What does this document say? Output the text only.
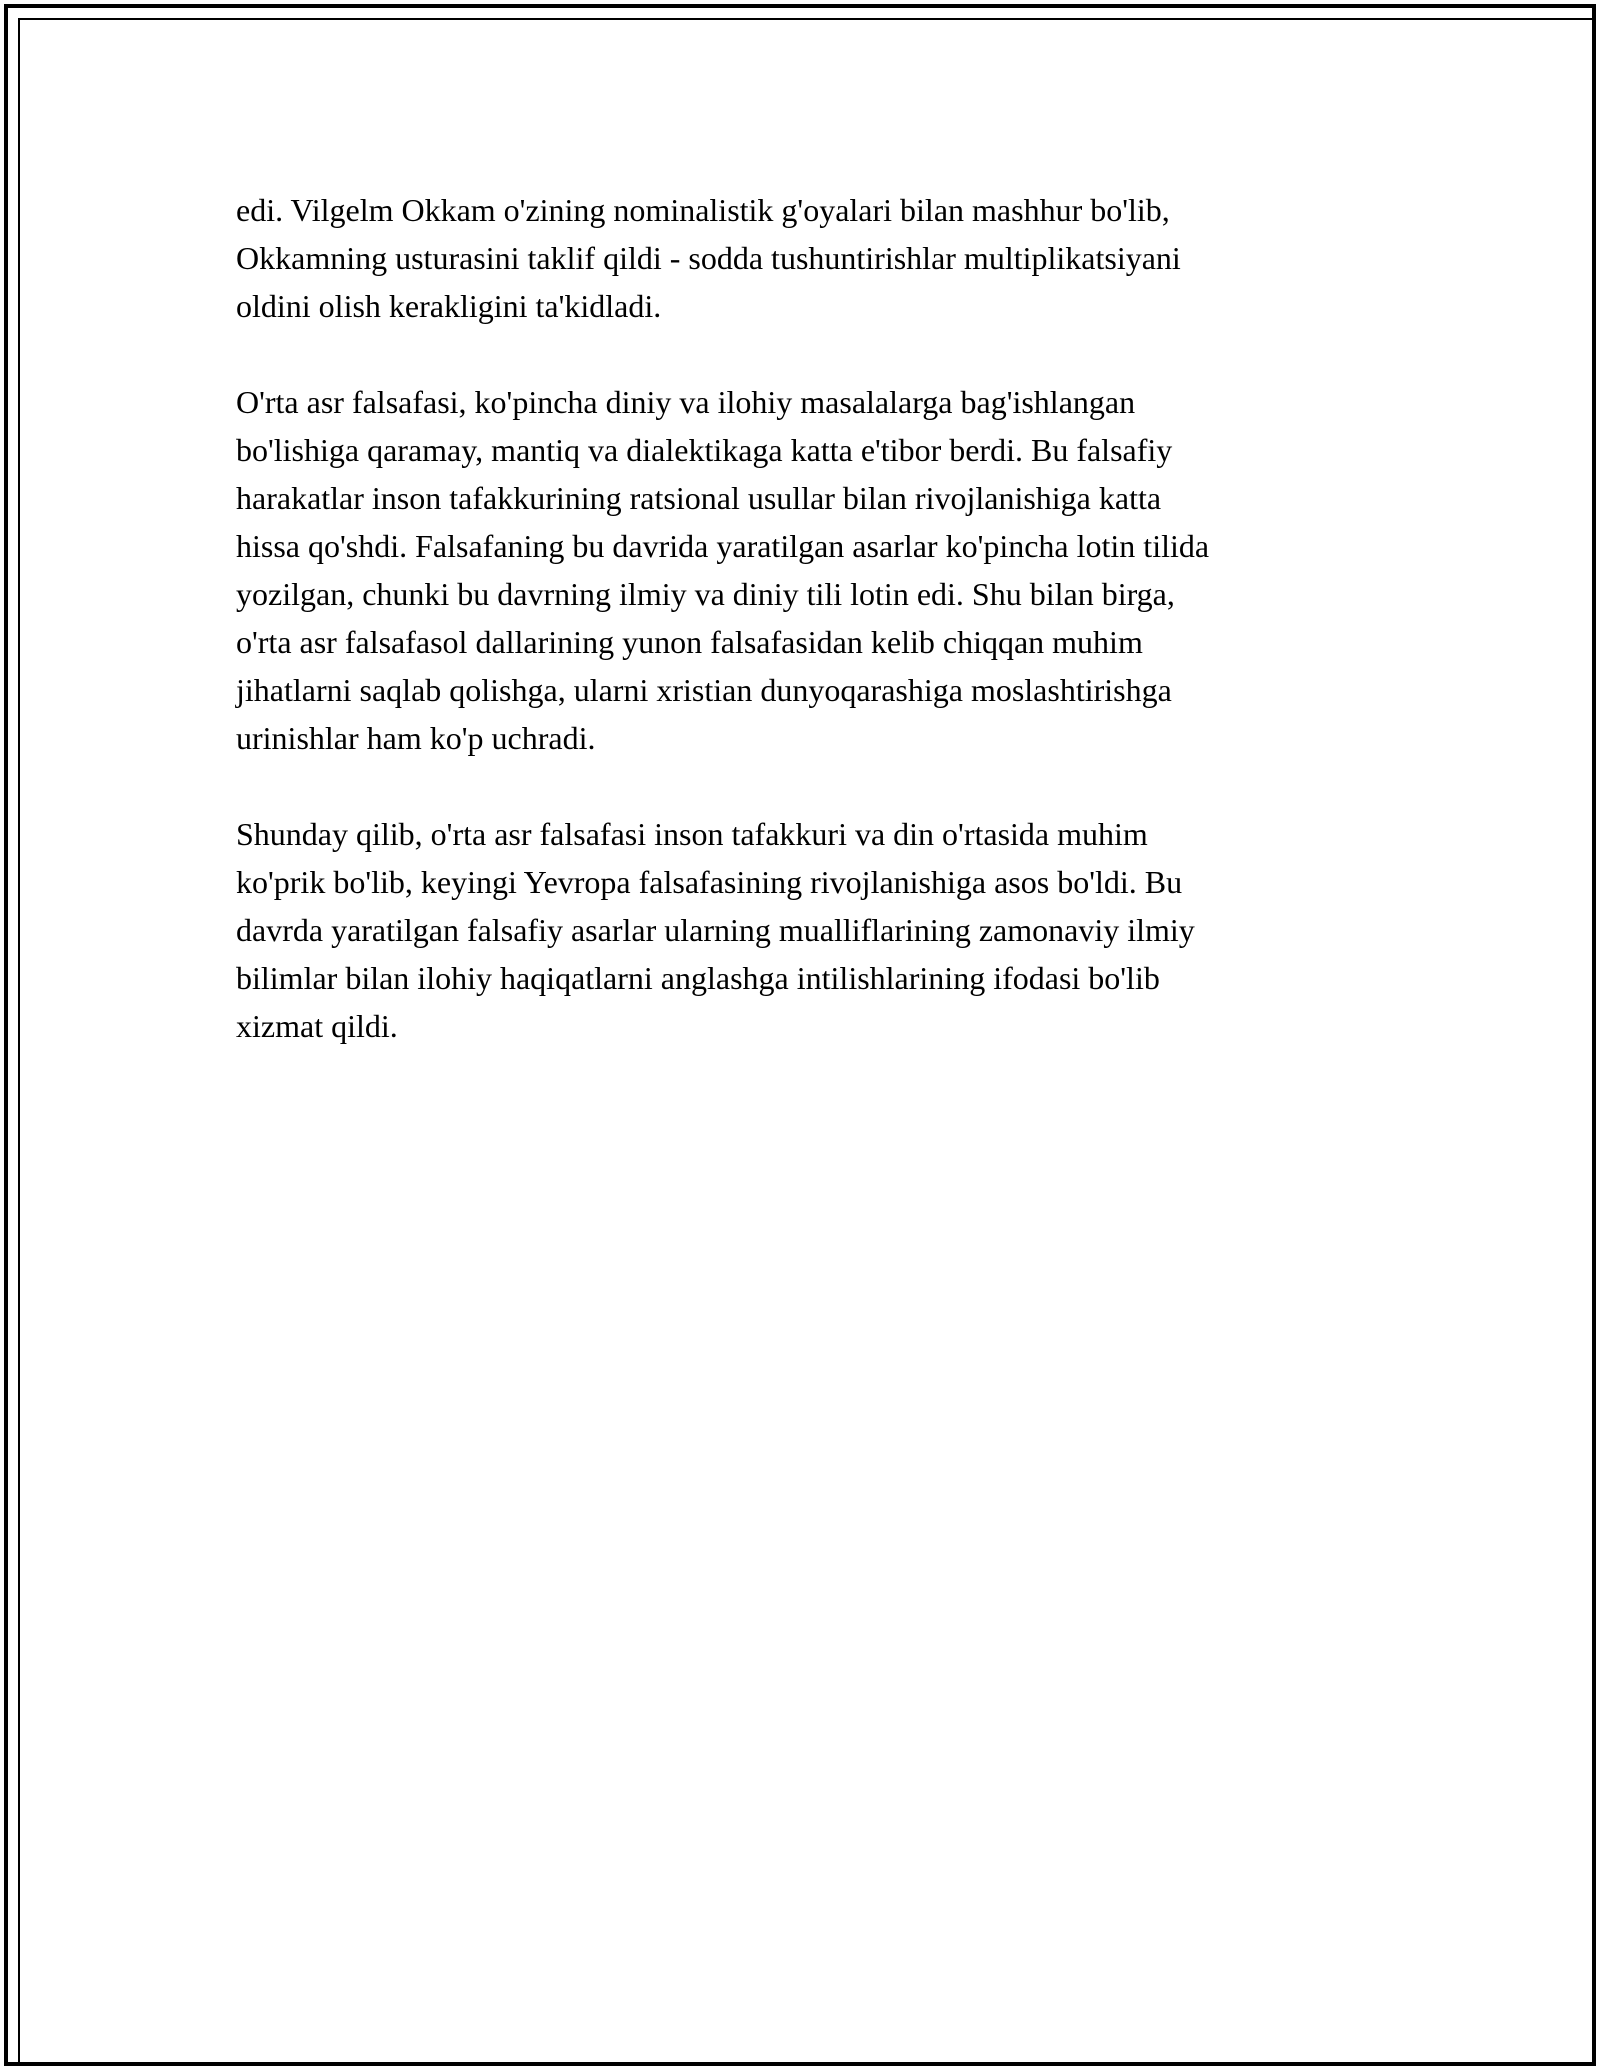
edi. Vilgelm Okkam o'zining nominalistik g'oyalari bilan mashhur bo'lib,
Okkamning usturasini taklif qildi - sodda tushuntirishlar multiplikatsiyani
oldini olish kerakligini ta'kidladi.

O'rta asr falsafasi, ko'pincha diniy va ilohiy masalalarga bag'ishlangan
bo'lishiga qaramay, mantiq va dialektikaga katta e'tibor berdi. Bu falsafiy
harakatlar inson tafakkurining ratsional usullar bilan rivojlanishiga katta
hissa qo'shdi. Falsafaning bu davrida yaratilgan asarlar ko'pincha lotin tilida
yozilgan, chunki bu davrning ilmiy va diniy tili lotin edi. Shu bilan birga,
o'rta asr falsafasol dallarining yunon falsafasidan kelib chiqqan muhim
jihatlarni saqlab qolishga, ularni xristian dunyoqarashiga moslashtirishga
urinishlar ham ko'p uchradi.

Shunday qilib, o'rta asr falsafasi inson tafakkuri va din o'rtasida muhim
ko'prik bo'lib, keyingi Yevropa falsafasining rivojlanishiga asos bo'ldi. Bu
davrda yaratilgan falsafiy asarlar ularning mualliflarining zamonaviy ilmiy
bilimlar bilan ilohiy haqiqatlarni anglashga intilishlarining ifodasi bo'lib
xizmat qildi.
